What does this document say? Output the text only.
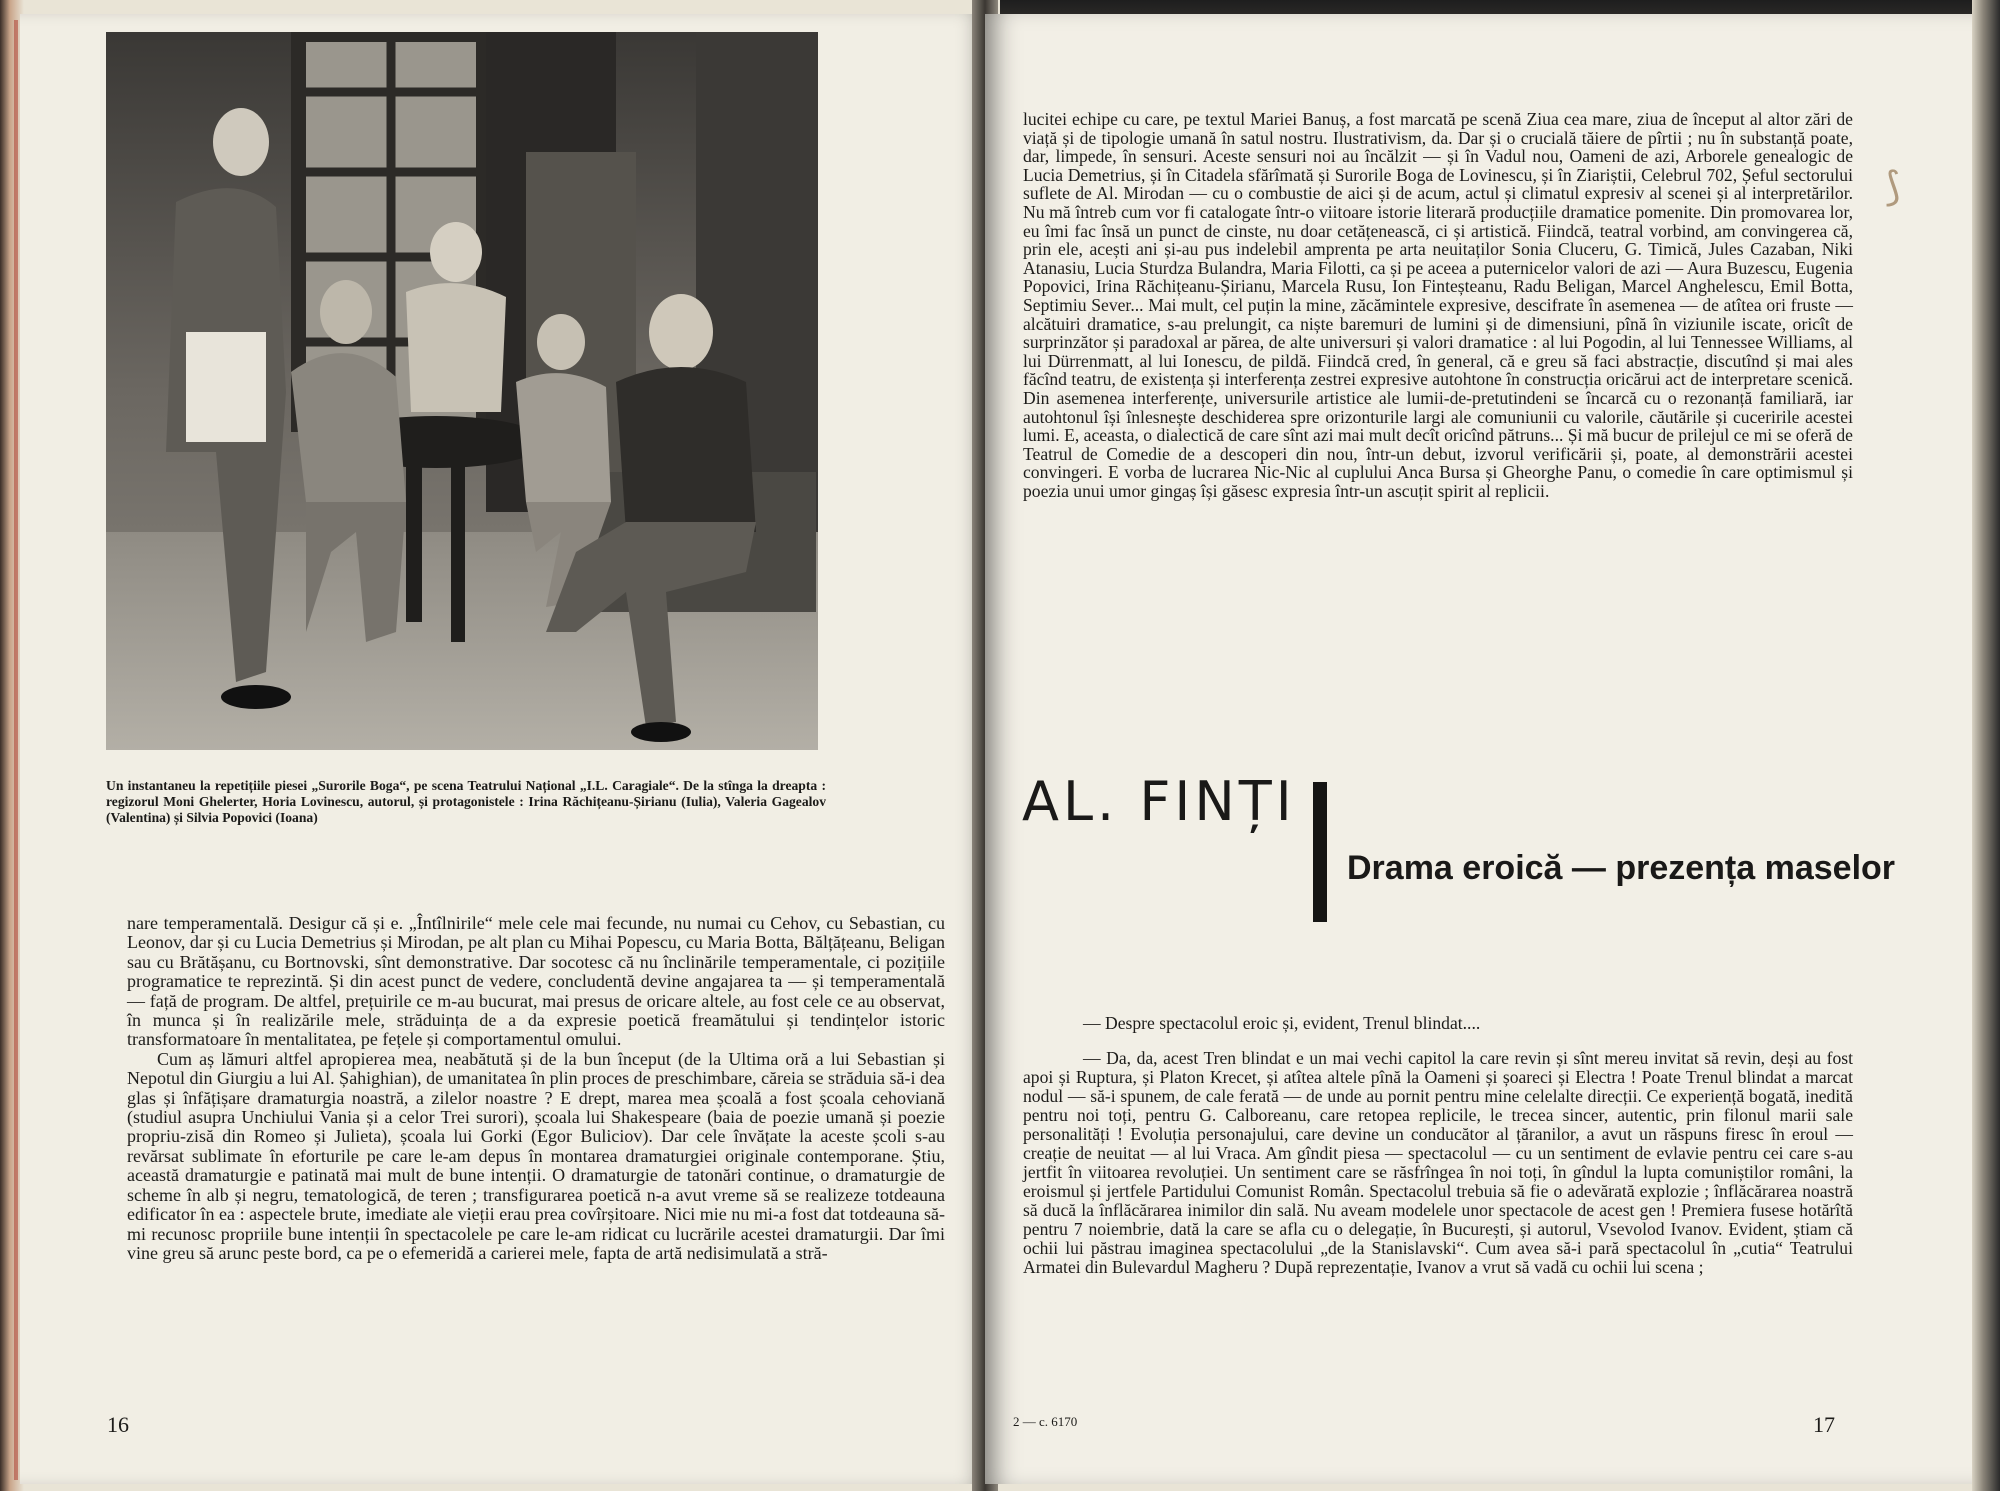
Un instantaneu la repetițiile piesei „Surorile Boga“, pe scena Teatrului Național „I.L. Caragiale“. De la stînga la dreapta : regizorul Moni Ghelerter, Horia Lovinescu, autorul, și protagonistele : Irina Răchițeanu-Șirianu (Iulia), Valeria Gagealov (Valentina) și Silvia Popovici (Ioana)

nare temperamentală. Desigur că și e. „Întîlnirile“ mele cele mai fecunde, nu numai cu Cehov, cu Sebastian, cu Leonov, dar și cu Lucia Demetrius și Mirodan, pe alt plan cu Mihai Popescu, cu Maria Botta, Bălțățeanu, Beligan sau cu Brătășanu, cu Bortnovski, sînt demonstrative. Dar socotesc că nu înclinările temperamentale, ci pozițiile programatice te reprezintă. Și din acest punct de vedere, concludentă devine angajarea ta — și temperamentală — față de program. De altfel, prețuirile ce m-au bucurat, mai presus de oricare altele, au fost cele ce au observat, în munca și în realizările mele, străduința de a da expresie poetică freamătului și tendințelor istoric transformatoare în mentalitatea, pe fețele și comportamentul omului.

Cum aș lămuri altfel apropierea mea, neabătută și de la bun început (de la Ultima oră a lui Sebastian și Nepotul din Giurgiu a lui Al. Șahighian), de umanitatea în plin proces de preschimbare, căreia se străduia să-i dea glas și înfățișare dramaturgia noastră, a zilelor noastre ? E drept, marea mea școală a fost școala cehoviană (studiul asupra Unchiului Vania și a celor Trei surori), școala lui Shakespeare (baia de poezie umană și poezie propriu-zisă din Romeo și Julieta), școala lui Gorki (Egor Buliciov). Dar cele învățate la aceste școli s-au revărsat sublimate în eforturile pe care le-am depus în montarea dramaturgiei originale contemporane. Știu, această dramaturgie e patinată mai mult de bune intenții. O dramaturgie de tatonări continue, o dramaturgie de scheme în alb și negru, tematologică, de teren ; transfigurarea poetică n-a avut vreme să se realizeze totdeauna edificator în ea : aspectele brute, imediate ale vieții erau prea covîrșitoare. Nici mie nu mi-a fost dat totdeauna să-mi recunosc propriile bune intenții în spectacolele pe care le-am ridicat cu lucrările acestei dramaturgii. Dar îmi vine greu să arunc peste bord, ca pe o efemeridă a carierei mele, fapta de artă nedisimulată a stră-

16

lucitei echipe cu care, pe textul Mariei Banuș, a fost marcată pe scenă Ziua cea mare, ziua de început al altor zări de viață și de tipologie umană în satul nostru. Ilustrativism, da. Dar și o crucială tăiere de pîrtii ; nu în substanță poate, dar, limpede, în sensuri. Aceste sensuri noi au încălzit — și în Vadul nou, Oameni de azi, Arborele genealogic de Lucia Demetrius, și în Citadela sfărîmată și Surorile Boga de Lovinescu, și în Ziariștii, Celebrul 702, Șeful sectorului suflete de Al. Mirodan — cu o combustie de aici și de acum, actul și climatul expresiv al scenei și al interpretărilor. Nu mă întreb cum vor fi catalogate într-o viitoare istorie literară producțiile dramatice pomenite. Din promovarea lor, eu îmi fac însă un punct de cinste, nu doar cetățenească, ci și artistică. Fiindcă, teatral vorbind, am convingerea că, prin ele, acești ani și-au pus indelebil amprenta pe arta neuitaților Sonia Cluceru, G. Timică, Jules Cazaban, Niki Atanasiu, Lucia Sturdza Bulandra, Maria Filotti, ca și pe aceea a puternicelor valori de azi — Aura Buzescu, Eugenia Popovici, Irina Răchițeanu-Șirianu, Marcela Rusu, Ion Finteșteanu, Radu Beligan, Marcel Anghelescu, Emil Botta, Septimiu Sever... Mai mult, cel puțin la mine, zăcămintele expresive, descifrate în asemenea — de atîtea ori fruste — alcătuiri dramatice, s-au prelungit, ca niște baremuri de lumini și de dimensiuni, pînă în viziunile iscate, oricît de surprinzător și paradoxal ar părea, de alte universuri și valori dramatice : al lui Pogodin, al lui Tennessee Williams, al lui Dürrenmatt, al lui Ionescu, de pildă. Fiindcă cred, în general, că e greu să faci abstracție, discutînd și mai ales făcînd teatru, de existența și interferența zestrei expresive autohtone în construcția oricărui act de interpretare scenică. Din asemenea interferențe, universurile artistice ale lumii-de-pretutindeni se încarcă cu o rezonanță familiară, iar autohtonul își înlesnește deschiderea spre orizonturile largi ale comuniunii cu valorile, căutările și cuceririle acestei lumi. E, aceasta, o dialectică de care sînt azi mai mult decît oricînd pătruns... Și mă bucur de prilejul ce mi se oferă de Teatrul de Comedie de a descoperi din nou, într-un debut, izvorul verificării și, poate, al demonstrării acestei convingeri. E vorba de lucrarea Nic-Nic al cuplului Anca Bursa și Gheorghe Panu, o comedie în care optimismul și poezia unui umor gingaș își găsesc expresia într-un ascuțit spirit al replicii.

AL. FINȚI
Drama eroică — prezența maselor

— Despre spectacolul eroic și, evident, Trenul blindat....

— Da, da, acest Tren blindat e un mai vechi capitol la care revin și sînt mereu invitat să revin, deși au fost apoi și Ruptura, și Platon Krecet, și atîtea altele pînă la Oameni și șoareci și Electra ! Poate Trenul blindat a marcat nodul — să-i spunem, de cale ferată — de unde au pornit pentru mine celelalte direcții. Ce experiență bogată, inedită pentru noi toți, pentru G. Calboreanu, care retopea replicile, le trecea sincer, autentic, prin filonul marii sale personalități ! Evoluția personajului, care devine un conducător al țăranilor, a avut un răspuns firesc în eroul — creație de neuitat — al lui Vraca. Am gîndit piesa — spectacolul — cu un sentiment de evlavie pentru cei care s-au jertfit în viitoarea revoluției. Un sentiment care se răsfrîngea în noi toți, în gîndul la lupta comuniștilor români, la eroismul și jertfele Partidului Comunist Român. Spectacolul trebuia să fie o adevărată explozie ; înflăcărarea noastră să ducă la înflăcărarea inimilor din sală. Nu aveam modelele unor spectacole de acest gen ! Premiera fusese hotărîtă pentru 7 noiembrie, dată la care se afla cu o delegație, în București, și autorul, Vsevolod Ivanov. Evident, știam că ochii lui păstrau imaginea spectacolului „de la Stanislavski“. Cum avea să-i pară spectacolul în „cutia“ Teatrului Armatei din Bulevardul Magheru ? După reprezentație, Ivanov a vrut să vadă cu ochii lui scena ;

2 — c. 6170	17
⟆
